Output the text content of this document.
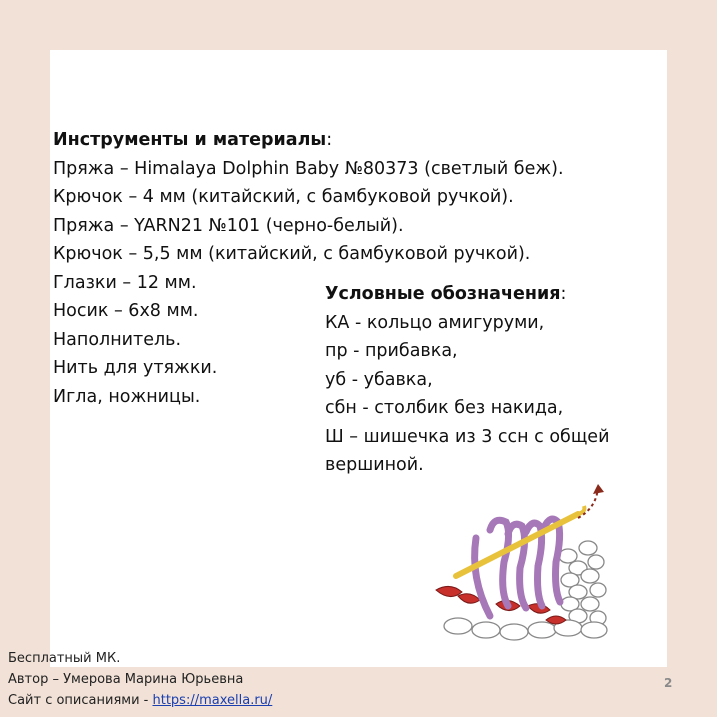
Инструменты и материалы:
Пряжа – Himalaya Dolphin Baby №80373 (светлый беж).
Крючок – 4 мм (китайский, с бамбуковой ручкой).
Пряжа – YARN21 №101 (черно-белый).
Крючок – 5,5 мм (китайский, с бамбуковой ручкой).
Глазки – 12 мм.
Носик – 6х8 мм.
Наполнитель.
Нить для утяжки.
Игла, ножницы.
Условные обозначения:
КА - кольцо амигуруми,
пр - прибавка,
уб - убавка,
сбн - столбик без накида,
Ш – шишечка из 3 ссн с общей
вершиной.
Бесплатный МК.
Автор – Умерова Марина Юрьевна
Сайт с описаниями - https://maxella.ru/
2
